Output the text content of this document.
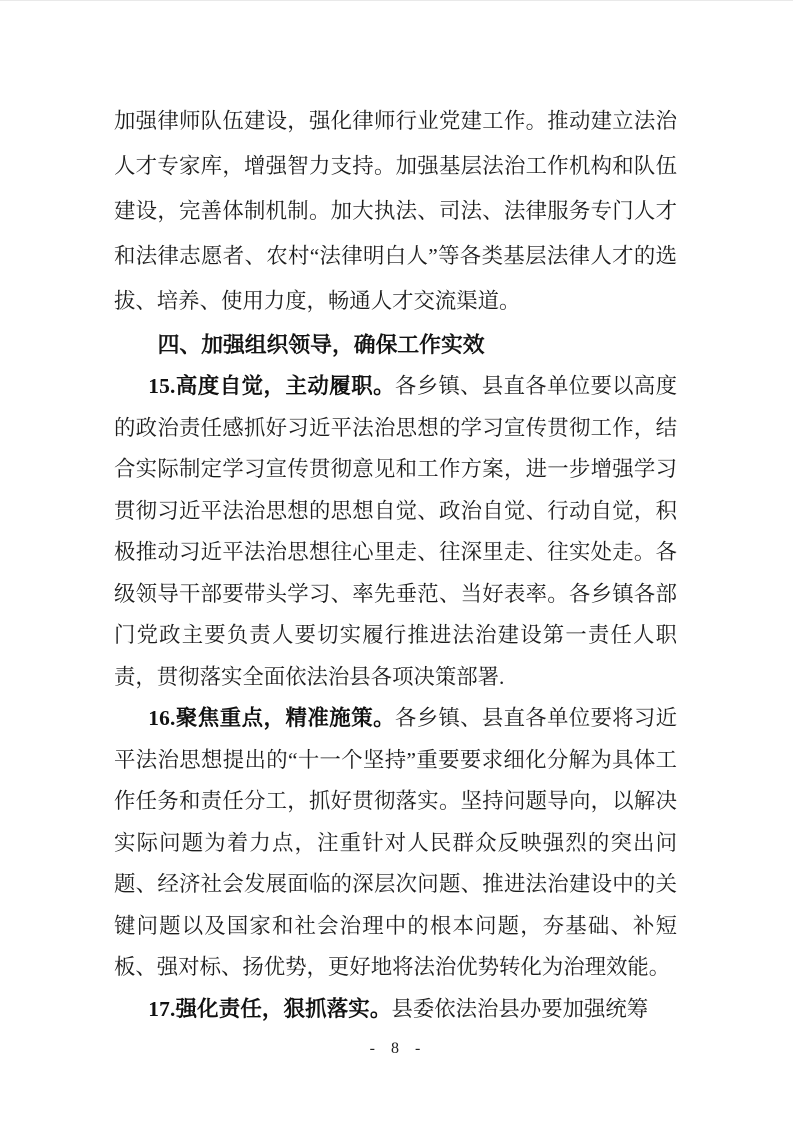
加强律师队伍建设，强化律师行业党建工作。推动建立法治人才专家库，增强智力支持。加强基层法治工作机构和队伍建设，完善体制机制。加大执法、司法、法律服务专门人才和法律志愿者、农村“法律明白人”等各类基层法律人才的选拔、培养、使用力度，畅通人才交流渠道。

四、加强组织领导，确保工作实效

15.高度自觉，主动履职。各乡镇、县直各单位要以高度的政治责任感抓好习近平法治思想的学习宣传贯彻工作，结合实际制定学习宣传贯彻意见和工作方案，进一步增强学习贯彻习近平法治思想的思想自觉、政治自觉、行动自觉，积极推动习近平法治思想往心里走、往深里走、往实处走。各级领导干部要带头学习、率先垂范、当好表率。各乡镇各部门党政主要负责人要切实履行推进法治建设第一责任人职责，贯彻落实全面依法治县各项决策部署.

16.聚焦重点，精准施策。各乡镇、县直各单位要将习近平法治思想提出的“十一个坚持”重要要求细化分解为具体工作任务和责任分工，抓好贯彻落实。坚持问题导向，以解决实际问题为着力点，注重针对人民群众反映强烈的突出问题、经济社会发展面临的深层次问题、推进法治建设中的关键问题以及国家和社会治理中的根本问题，夯基础、补短板、强对标、扬优势，更好地将法治优势转化为治理效能。

17.强化责任，狠抓落实。县委依法治县办要加强统筹

- 8 -
